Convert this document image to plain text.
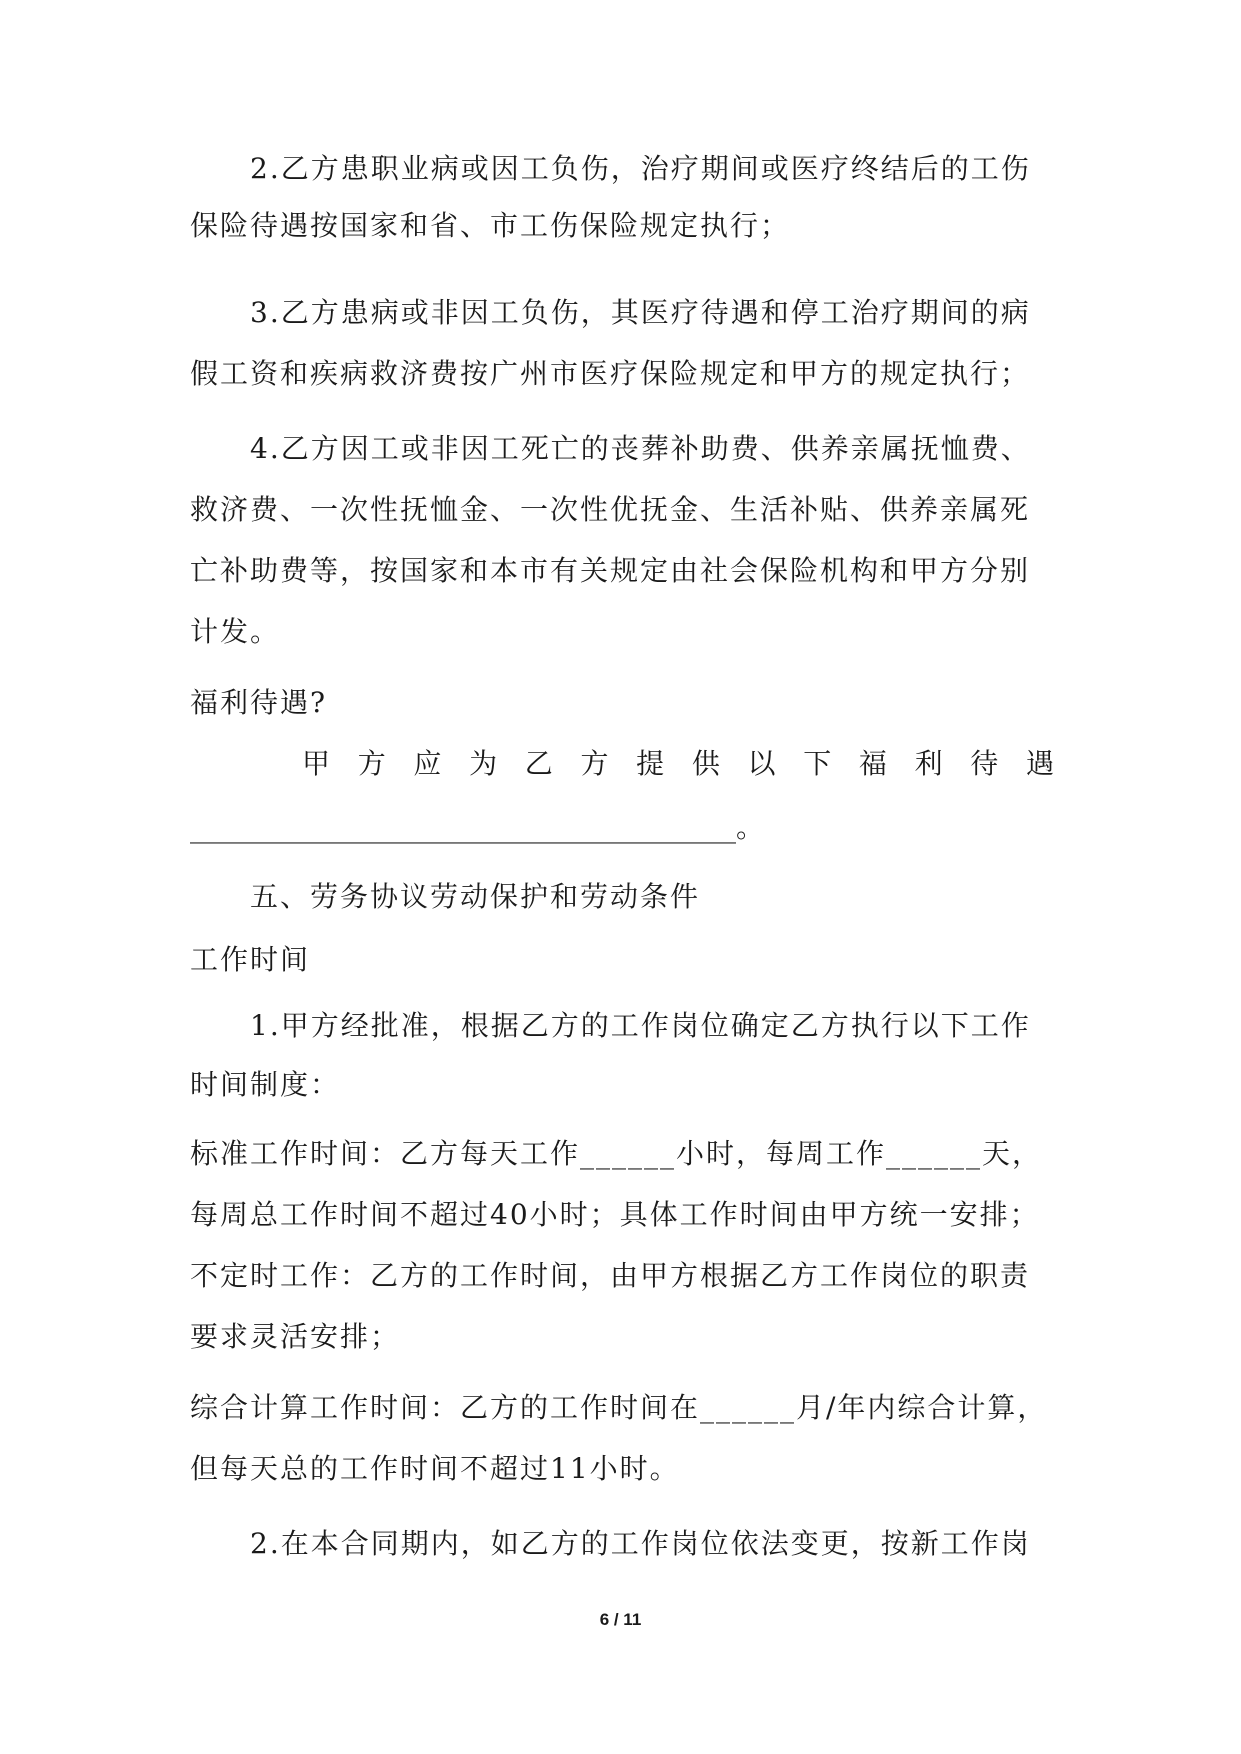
2.乙方患职业病或因工负伤，治疗期间或医疗终结后的工伤
保险待遇按国家和省、市工伤保险规定执行；
3.乙方患病或非因工负伤，其医疗待遇和停工治疗期间的病
假工资和疾病救济费按广州市医疗保险规定和甲方的规定执行；
4.乙方因工或非因工死亡的丧葬补助费、供养亲属抚恤费、
救济费、一次性抚恤金、一次性优抚金、生活补贴、供养亲属死
亡补助费等，按国家和本市有关规定由社会保险机构和甲方分别
计发。
福利待遇?
甲 方 应 为 乙 方 提 供 以 下 福 利 待 遇
_______________________________________。
五、劳务协议劳动保护和劳动条件
工作时间
1.甲方经批准，根据乙方的工作岗位确定乙方执行以下工作
时间制度：
标准工作时间：乙方每天工作______小时，每周工作______天，
每周总工作时间不超过40小时；具体工作时间由甲方统一安排；
不定时工作：乙方的工作时间，由甲方根据乙方工作岗位的职责
要求灵活安排；
综合计算工作时间：乙方的工作时间在______月/年内综合计算，
但每天总的工作时间不超过11小时。
2.在本合同期内，如乙方的工作岗位依法变更，按新工作岗
6 / 11
